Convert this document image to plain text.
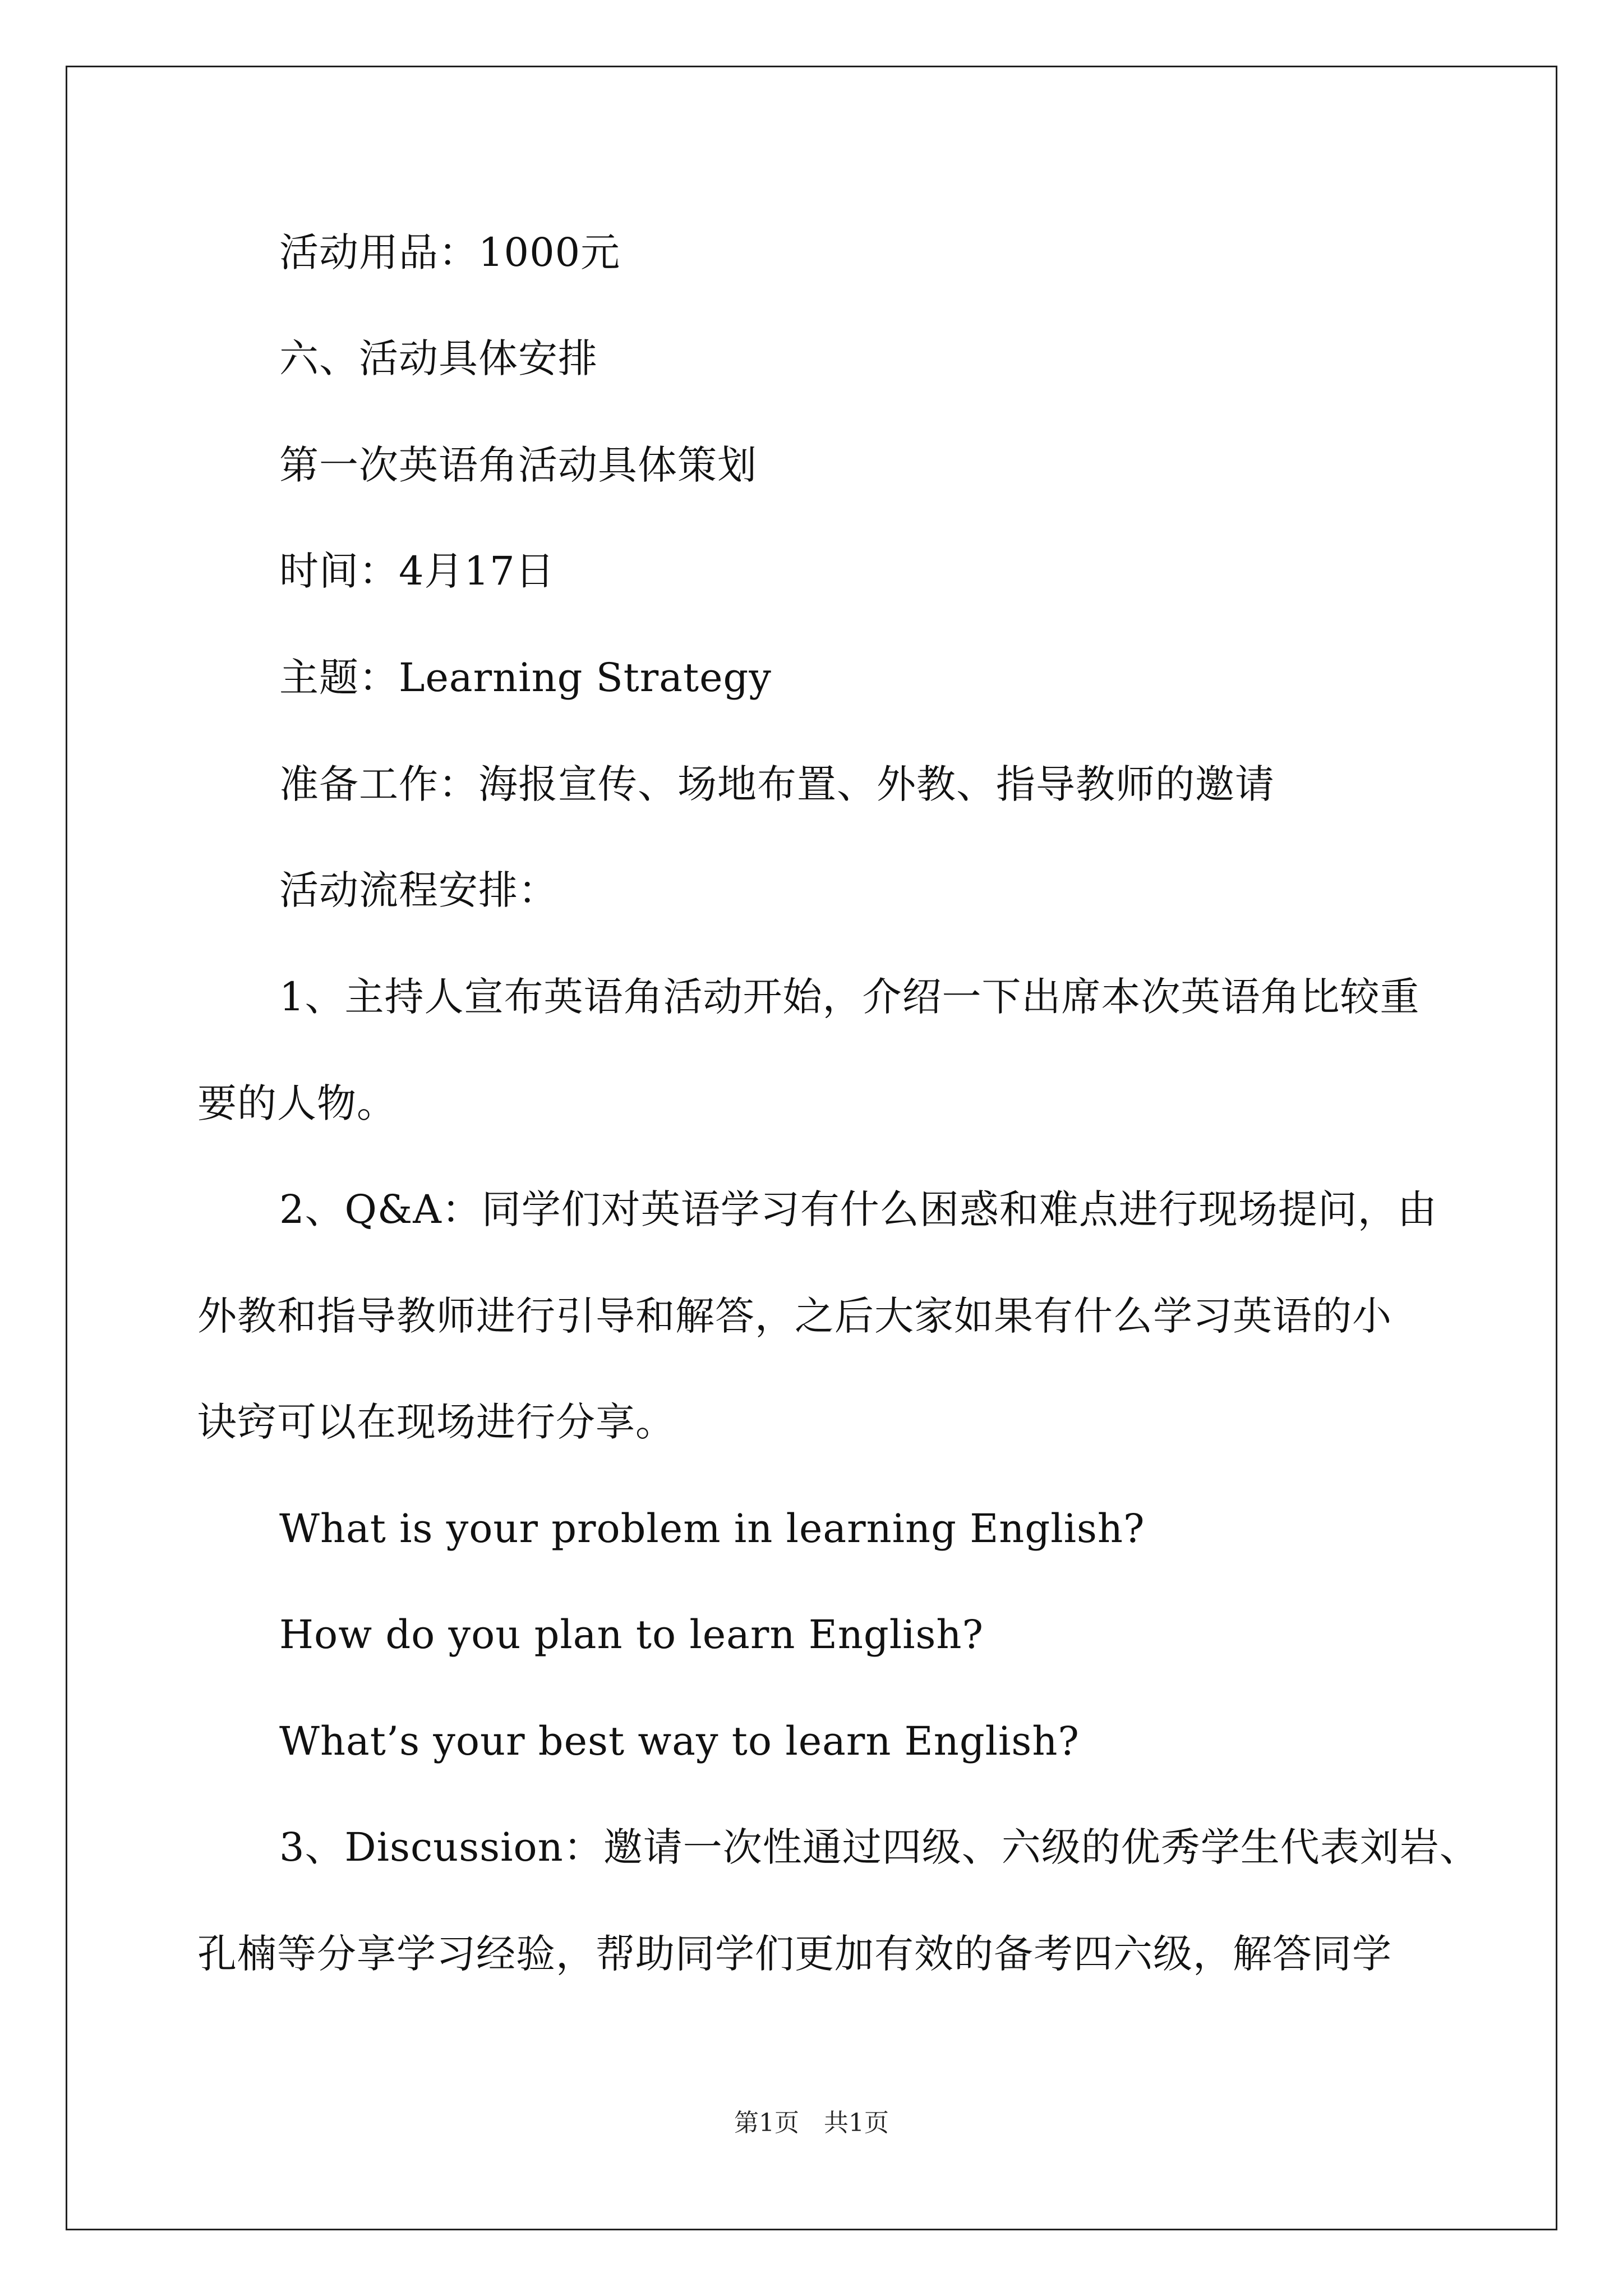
活动用品：1000元
六、活动具体安排
第一次英语角活动具体策划
时间：4月17日
主题：Learning Strategy
准备工作：海报宣传、场地布置、外教、指导教师的邀请
活动流程安排：
1、主持人宣布英语角活动开始，介绍一下出席本次英语角比较重
要的人物。
2、Q&A：同学们对英语学习有什么困惑和难点进行现场提问，由
外教和指导教师进行引导和解答，之后大家如果有什么学习英语的小
诀窍可以在现场进行分享。
What is your problem in learning English?
How do you plan to learn English?
What’s your best way to learn English?
3、Discussion：邀请一次性通过四级、六级的优秀学生代表刘岩、
孔楠等分享学习经验，帮助同学们更加有效的备考四六级，解答同学
第1页　共1页
